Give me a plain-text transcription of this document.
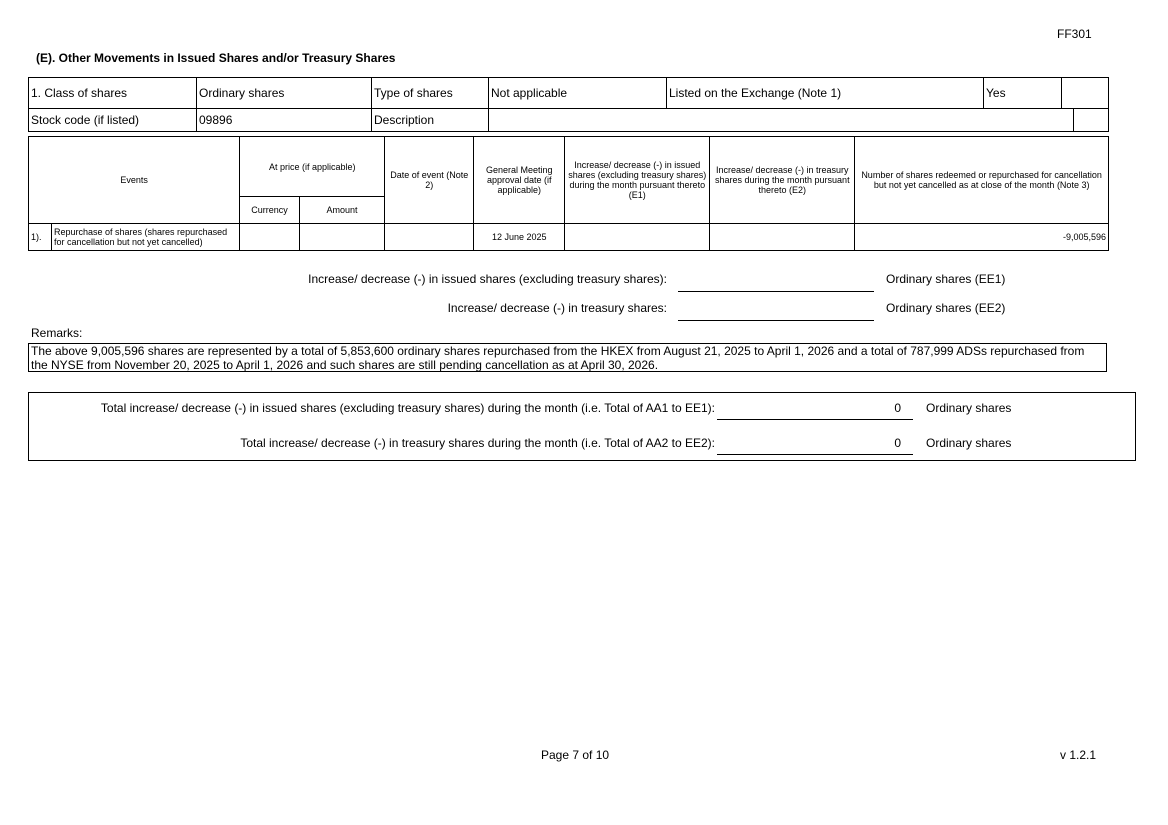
FF301
(E). Other Movements in Issued Shares and/or Treasury Shares
1. Class of shares	Ordinary shares	Type of shares	Not applicable	Listed on the Exchange (Note 1)	Yes		
Stock code (if listed)	09896	Description					
Events		At price (if applicable)		Date of event (Note 2)	General Meeting approval date (if applicable)	Increase/ decrease (-) in issued shares (excluding treasury shares) during the month pursuant thereto (E1)	Increase/ decrease (-) in treasury shares during the month pursuant thereto (E2)	Number of shares redeemed or repurchased for cancellation but not yet cancelled as at close of the month (Note 3)
		Currency	Amount					
1).	Repurchase of shares (shares repurchased for cancellation but not yet cancelled)				12 June 2025			-9,005,596
Increase/ decrease (-) in issued shares (excluding treasury shares):	Ordinary shares (EE1)
Increase/ decrease (-) in treasury shares:	Ordinary shares (EE2)
Remarks:
The above 9,005,596 shares are represented by a total of 5,853,600 ordinary shares repurchased from the HKEX from August 21, 2025 to April 1, 2026 and a total of 787,999 ADSs repurchased from the NYSE from November 20, 2025 to April 1, 2026 and such shares are still pending cancellation as at April 30, 2026.
Total increase/ decrease (-) in issued shares (excluding treasury shares) during the month (i.e. Total of AA1 to EE1):	0	Ordinary shares
Total increase/ decrease (-) in treasury shares during the month (i.e. Total of AA2 to EE2):	0	Ordinary shares
Page 7 of 10	v 1.2.1
